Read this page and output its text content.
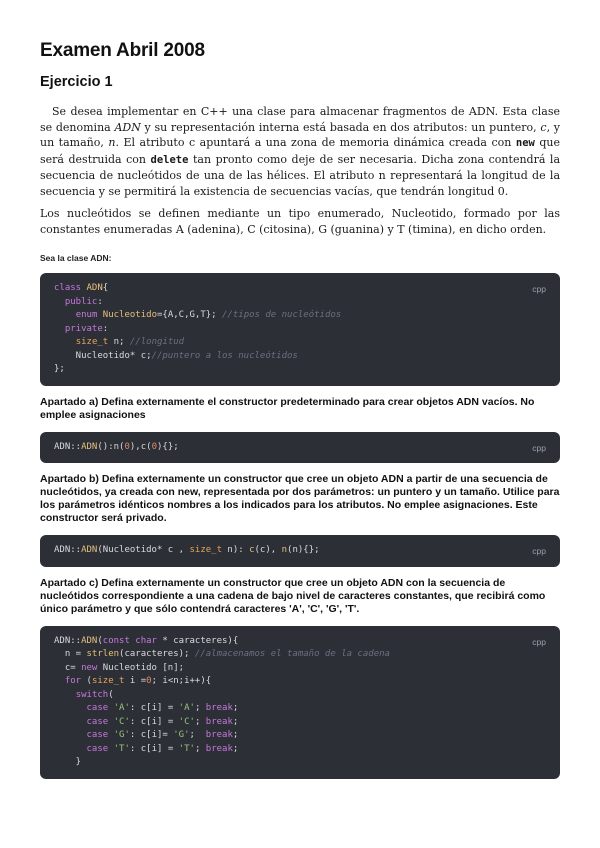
Examen Abril 2008
Ejercicio 1

Se desea implementar en C++ una clase para almacenar fragmentos de ADN. Esta clase se denomina ADN y su representación interna está basada en dos atributos: un puntero, c, y un tamaño, n. El atributo c apuntará a una zona de memoria dinámica creada con new que será destruida con delete tan pronto como deje de ser necesaria. Dicha zona contendrá la secuencia de nucleótidos de una de las hélices. El atributo n representará la longitud de la secuencia y se permitirá la existencia de secuencias vacías, que tendrán longitud 0.

Los nucleótidos se definen mediante un tipo enumerado, Nucleotido, formado por las constantes enumeradas A (adenina), C (citosina), G (guanina) y T (timina), en dicho orden.

Sea la clase ADN:
cpp
class ADN{
public:
enum Nucleotido={A,C,G,T}; //tipos de nucleótidos
private:
size_t n; //longitud
Nucleotido* c;//puntero a los nucleótidos
};
Apartado a) Defina externamente el constructor predeterminado para crear objetos ADN vacíos. No emplee asignaciones
cpp
ADN::ADN():n(0),c(0){};
Apartado b) Defina externamente un constructor que cree un objeto ADN a partir de una secuencia de nucleótidos, ya creada con new, representada por dos parámetros: un puntero y un tamaño. Utilice para los parámetros idénticos nombres a los indicados para los atributos. No emplee asignaciones. Este constructor será privado.
cpp
ADN::ADN(Nucleotido* c , size_t n): c(c), n(n){};
Apartado c) Defina externamente un constructor que cree un objeto ADN con la secuencia de nucleótidos correspondiente a una cadena de bajo nivel de caracteres constantes, que recibirá como único parámetro y que sólo contendrá caracteres 'A', 'C', 'G', 'T'.
cpp
ADN::ADN(const char * caracteres){
n = strlen(caracteres); //almacenamos el tamaño de la cadena
c= new Nucleotido [n];
for (size_t i =0; i<n;i++){
switch(
case 'A': c[i] = 'A'; break;
case 'C': c[i] = 'C'; break;
case 'G': c[i]= 'G';  break;
case 'T': c[i] = 'T'; break;
}
